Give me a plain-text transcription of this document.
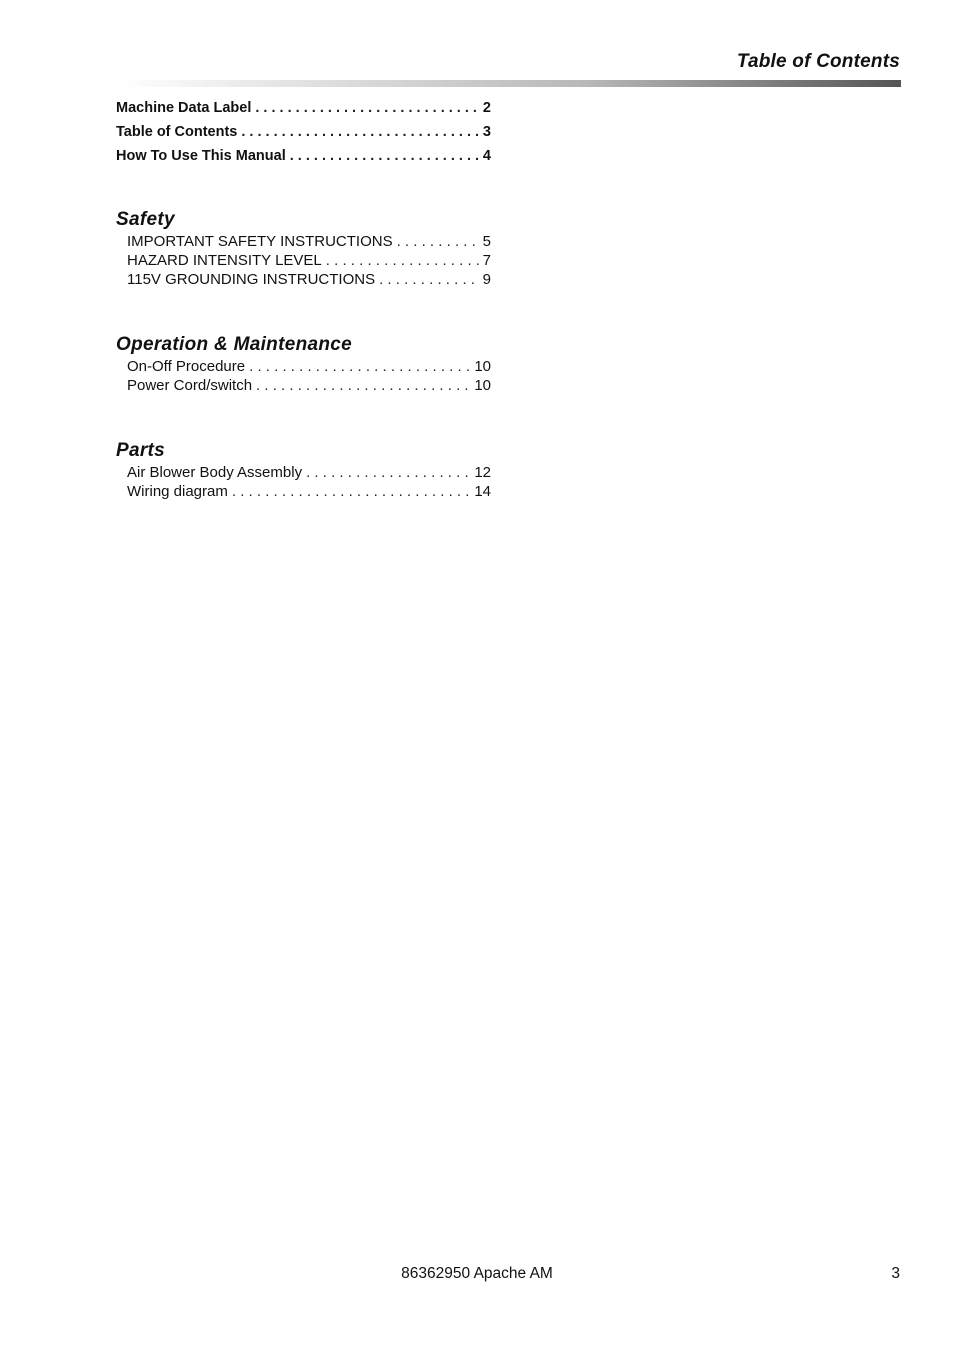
Table of Contents
Machine Data Label . . .	2
Table of Contents . . .	3
How To Use This Manual . . .	4
Safety
IMPORTANT SAFETY INSTRUCTIONS . . .	5
HAZARD INTENSITY LEVEL . . .	7
115V GROUNDING INSTRUCTIONS . . .	9
Operation & Maintenance
On-Off Procedure . . .	10
Power Cord/switch . . .	10
Parts
Air Blower Body Assembly . . .	12
Wiring diagram . . .	14
86362950 Apache AM	3
